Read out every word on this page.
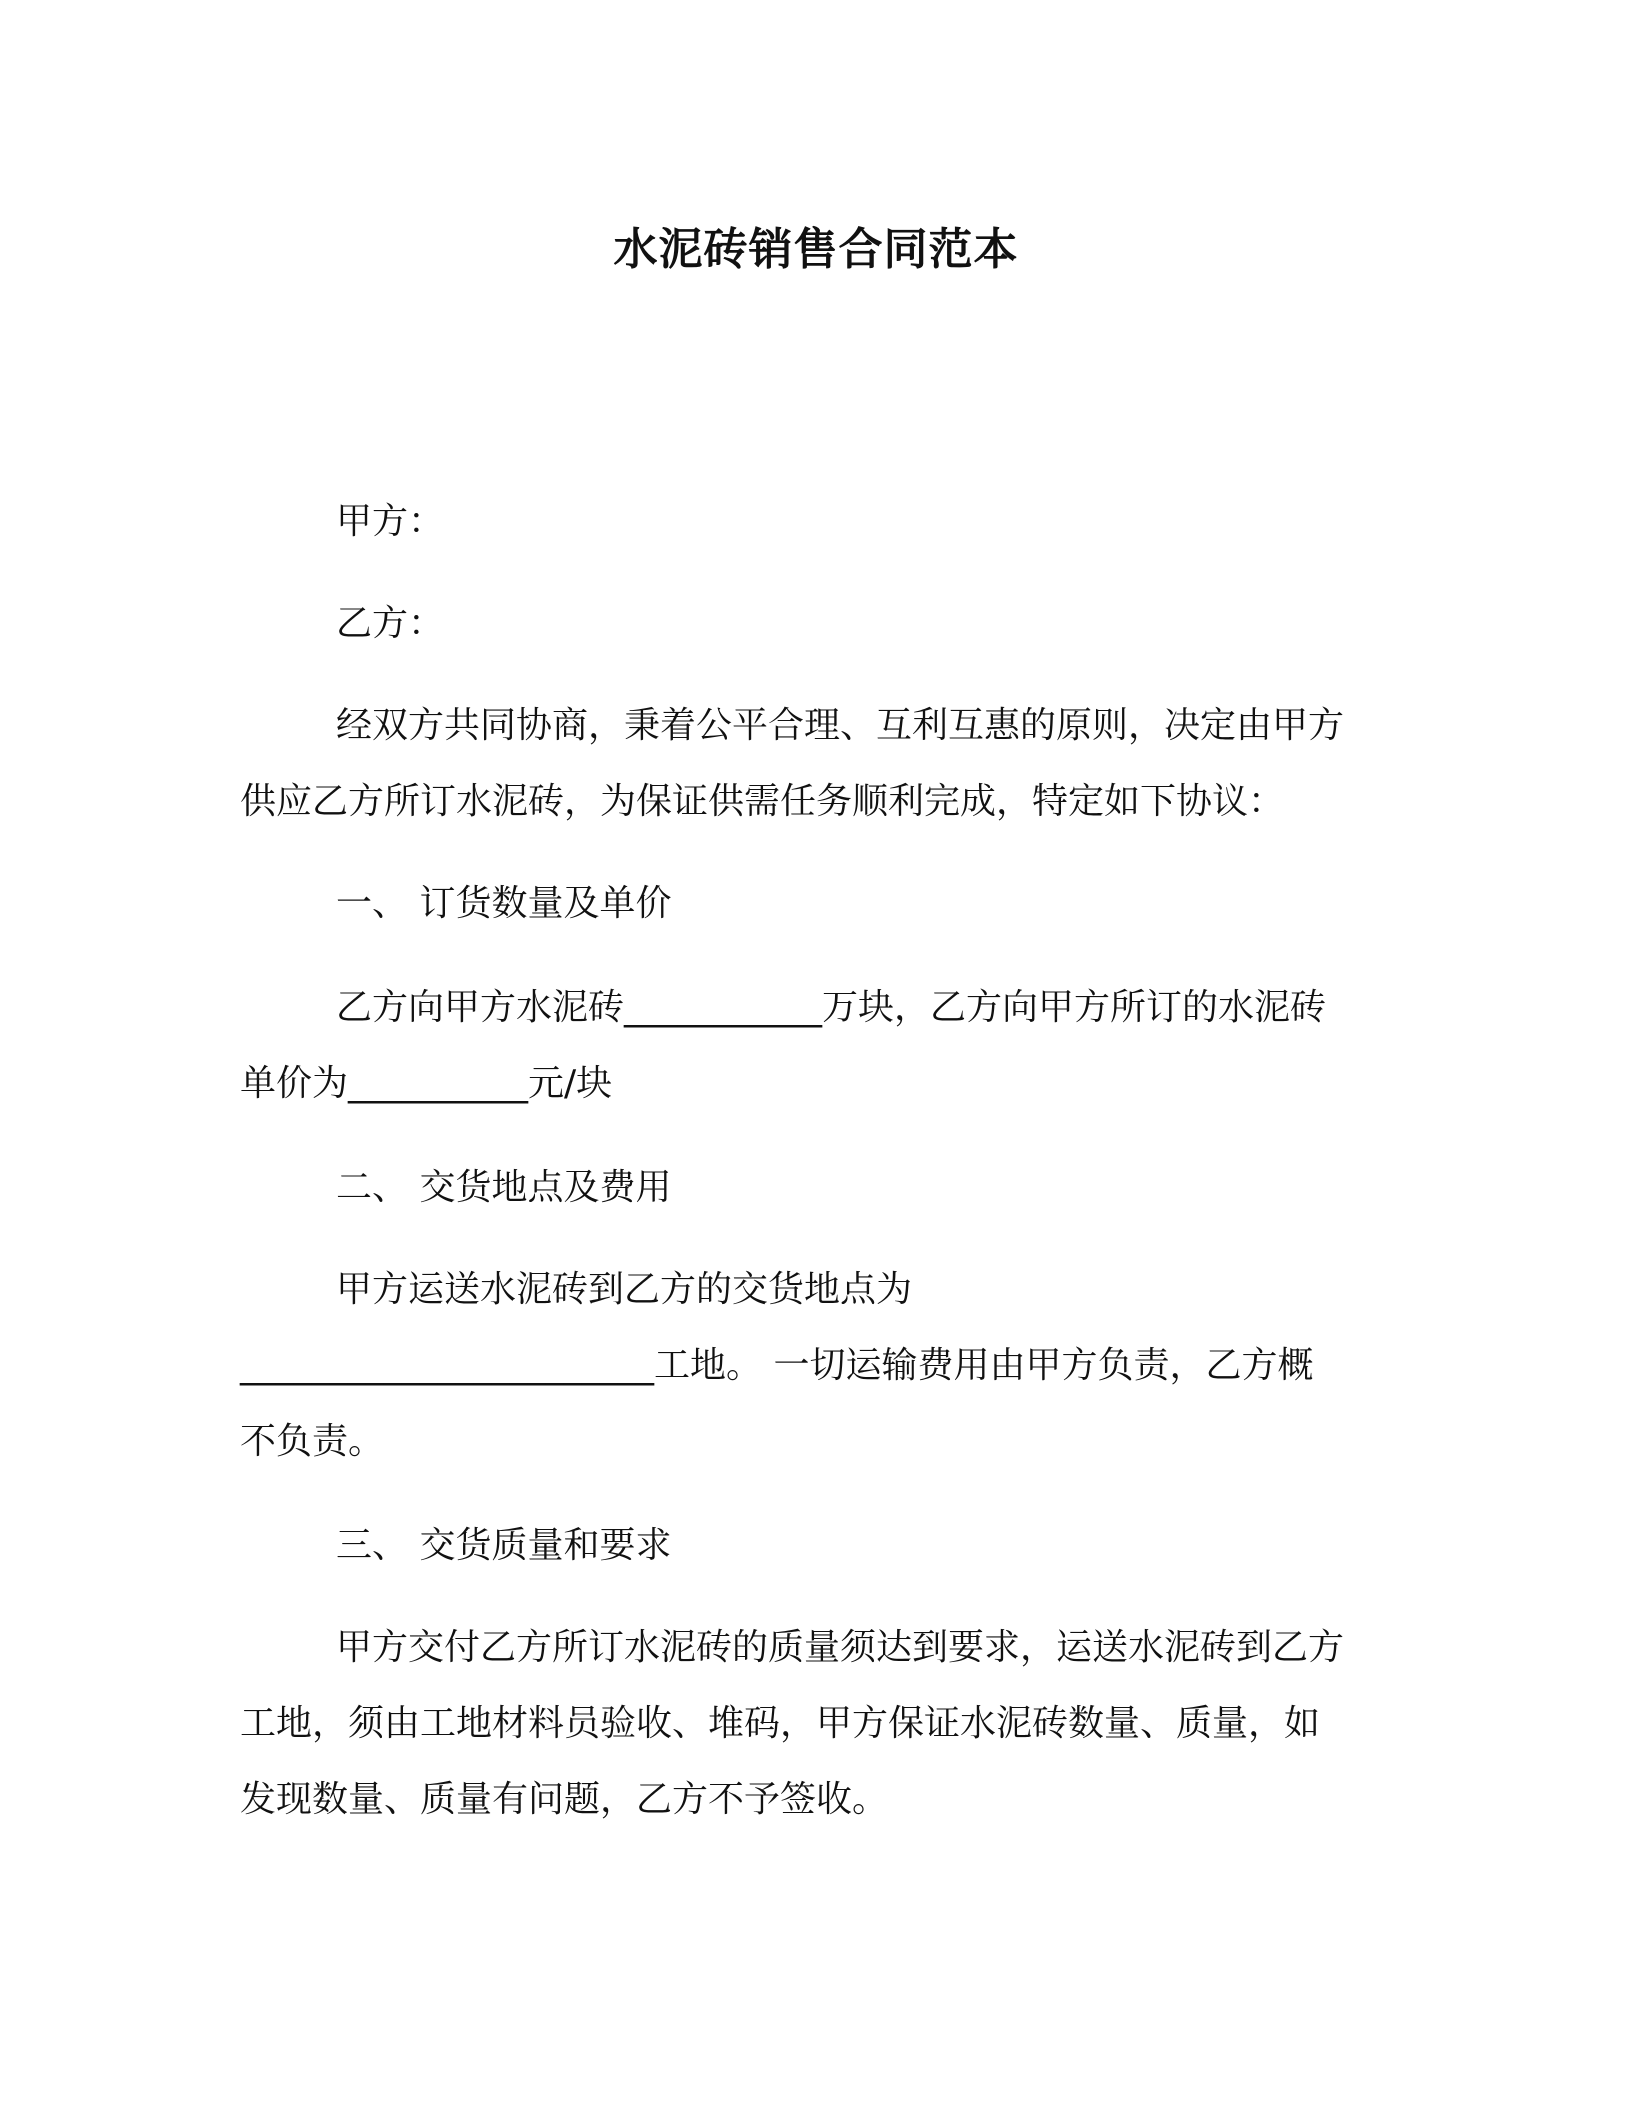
水泥砖销售合同范本
甲方：
乙方：
经双方共同协商，秉着公平合理、互利互惠的原则，决定由甲方
供应乙方所订水泥砖，为保证供需任务顺利完成，特定如下协议：
一、 订货数量及单价
乙方向甲方水泥砖___________万块，乙方向甲方所订的水泥砖
单价为__________元/块
二、 交货地点及费用
甲方运送水泥砖到乙方的交货地点为
_______________________工地。 一切运输费用由甲方负责，乙方概
不负责。
三、 交货质量和要求
甲方交付乙方所订水泥砖的质量须达到要求，运送水泥砖到乙方
工地，须由工地材料员验收、堆码，甲方保证水泥砖数量、质量，如
发现数量、质量有问题，乙方不予签收。
